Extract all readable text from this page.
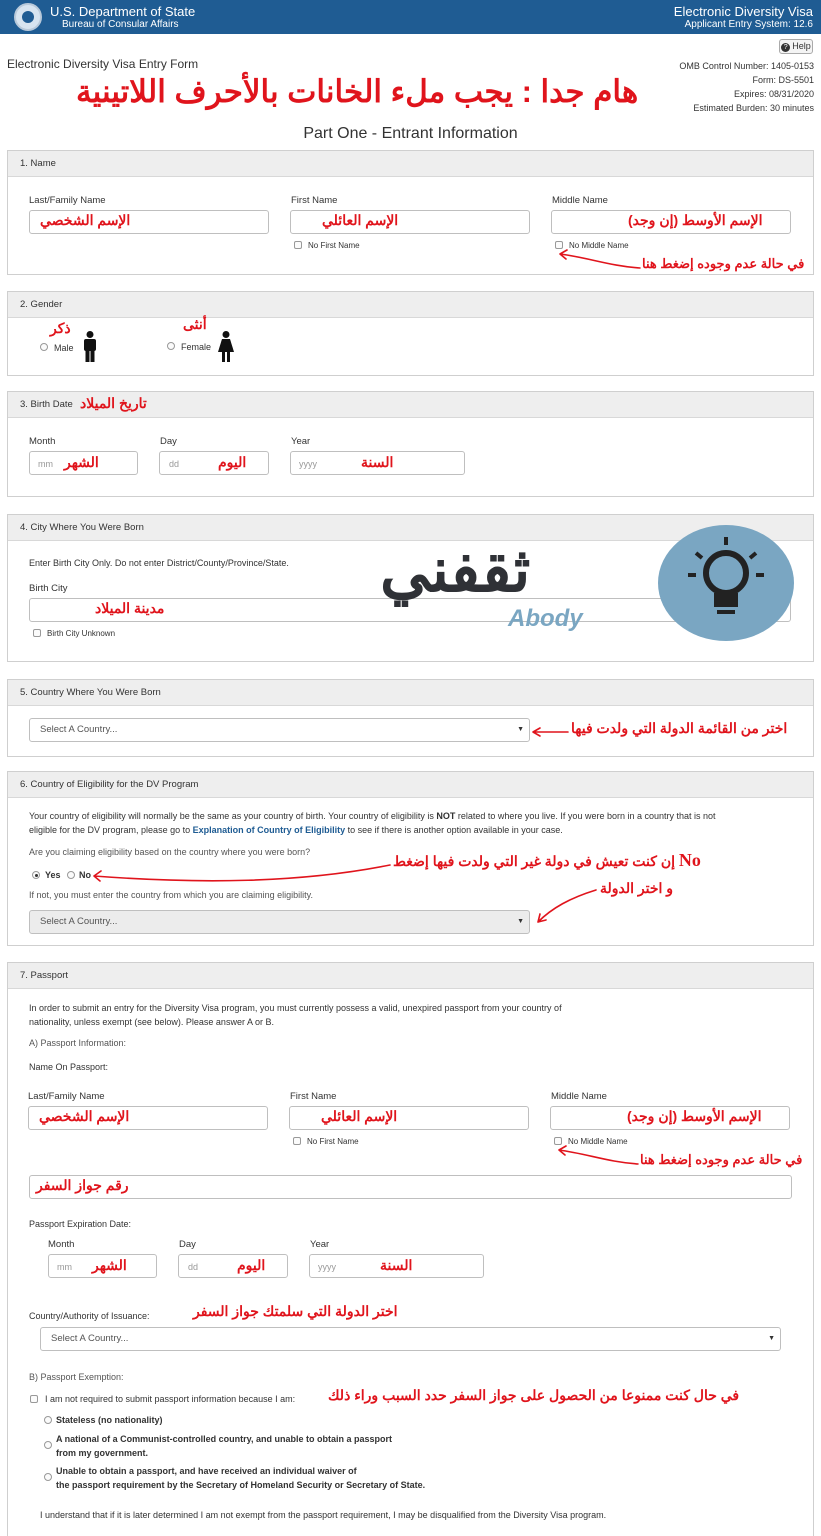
U.S. Department of State
Bureau of Consular Affairs
Electronic Diversity Visa
Applicant Entry System: 12.6
? Help
Electronic Diversity Visa Entry Form
هام جدا : يجب ملء الخانات بالأحرف اللاتينية
OMB Control Number: 1405-0153
Form: DS-5501
Expires: 08/31/2020
Estimated Burden: 30 minutes
Part One - Entrant Information
1. Name
Last/Family Name	First Name	Middle Name
الإسم الشخصي	الإسم العائلي	الإسم الأوسط (إن وجد)
No First Name	No Middle Name
في حالة عدم وجوده إضغط هنا
2. Gender
ذكر	أنثى
Male	Female
3. Birth Date تاريخ الميلاد
Month	Day	Year
mm	dd	yyyy
الشهر	اليوم	السنة
4. City Where You Were Born
Enter Birth City Only. Do not enter District/County/Province/State.
Birth City
مدينة الميلاد
Birth City Unknown
ثقفني
Abody
5. Country Where You Were Born
Select A Country...	▼	اختر من القائمة الدولة التي ولدت فيها
6. Country of Eligibility for the DV Program
Your country of eligibility will normally be the same as your country of birth. Your country of eligibility is NOT related to where you live. If you were born in a country that is not
eligible for the DV program, please go to Explanation of Country of Eligibility to see if there is another option available in your case.
Are you claiming eligibility based on the country where you were born?
Yes No
If not, you must enter the country from which you are claiming eligibility.
Select A Country...	▼
No إن كنت تعيش في دولة غير التي ولدت فيها إضغط
و اختر الدولة
7. Passport
In order to submit an entry for the Diversity Visa program, you must currently possess a valid, unexpired passport from your country of
nationality, unless exempt (see below). Please answer A or B.
A) Passport Information:
Name On Passport:
Last/Family Name	First Name	Middle Name
الإسم الشخصي	الإسم العائلي	الإسم الأوسط (إن وجد)
No First Name	No Middle Name
في حالة عدم وجوده إضغط هنا
رقم جواز السفر
Passport Expiration Date:
Month	Day	Year
mm	dd	yyyy
الشهر	اليوم	السنة
Country/Authority of Issuance:	اختر الدولة التي سلمتك جواز السفر
Select A Country...	▼
B) Passport Exemption:
I am not required to submit passport information because I am: في حال كنت ممنوعا من الحصول على جواز السفر حدد السبب وراء ذلك
Stateless (no nationality)
A national of a Communist-controlled country, and unable to obtain a passport
from my government.
Unable to obtain a passport, and have received an individual waiver of
the passport requirement by the Secretary of Homeland Security or Secretary of State.
I understand that if it is later determined I am not exempt from the passport requirement, I may be disqualified from the Diversity Visa program.
